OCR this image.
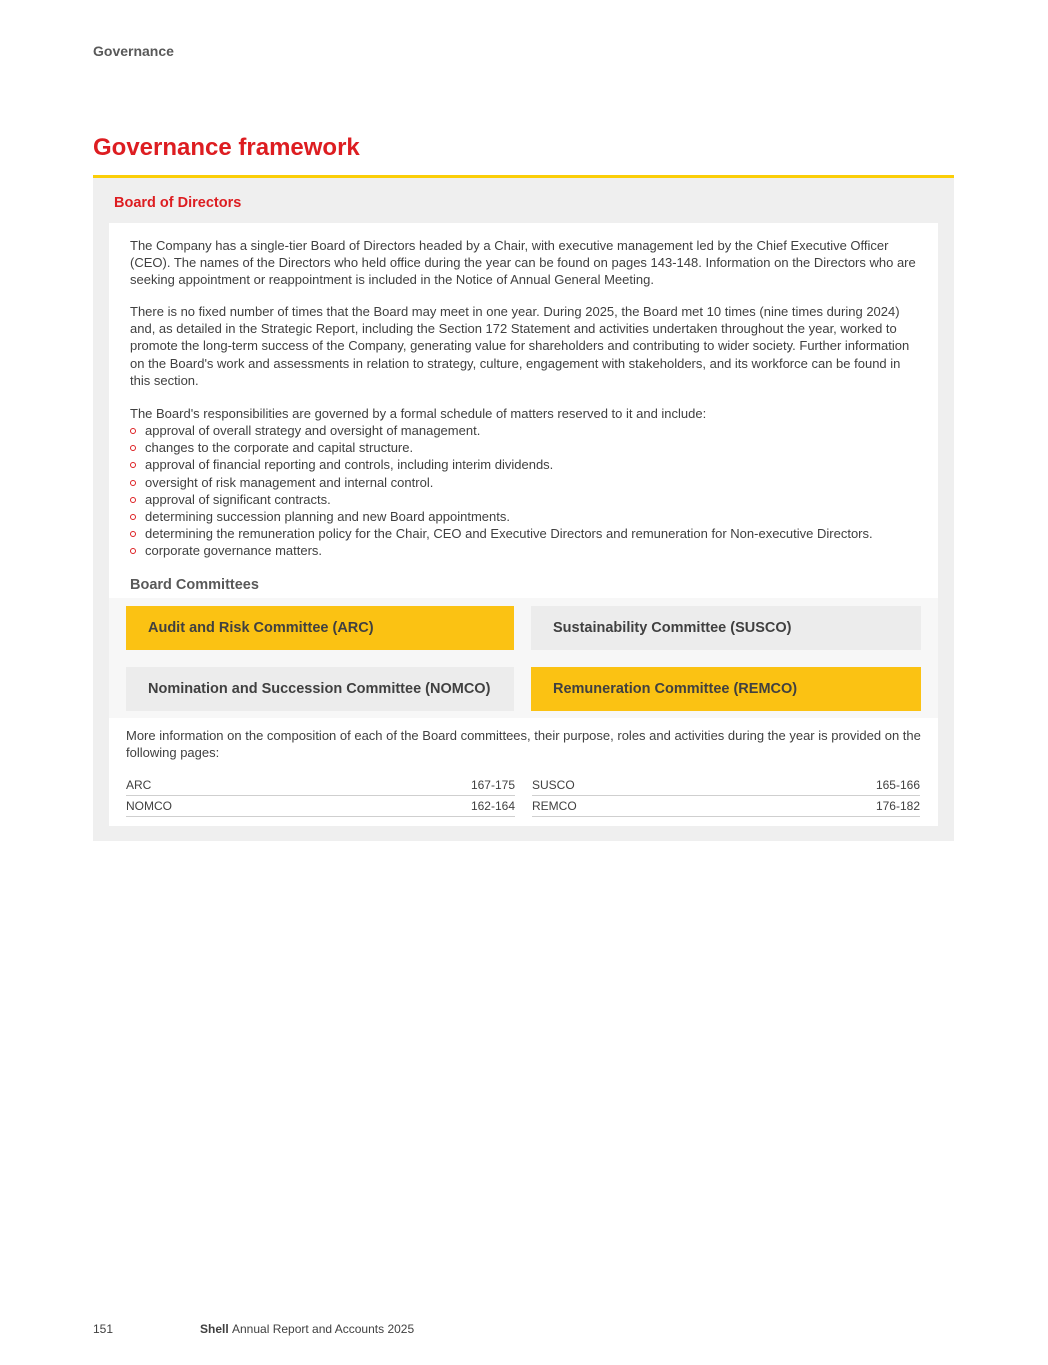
Governance
Governance framework
Board of Directors

The Company has a single-tier Board of Directors headed by a Chair, with executive management led by the Chief Executive Officer (CEO). The names of the Directors who held office during the year can be found on pages 143-148. Information on the Directors who are seeking appointment or reappointment is included in the Notice of Annual General Meeting.

There is no fixed number of times that the Board may meet in one year. During 2025, the Board met 10 times (nine times during 2024) and, as detailed in the Strategic Report, including the Section 172 Statement and activities undertaken throughout the year, worked to promote the long-term success of the Company, generating value for shareholders and contributing to wider society. Further information on the Board's work and assessments in relation to strategy, culture, engagement with stakeholders, and its workforce can be found in this section.

The Board's responsibilities are governed by a formal schedule of matters reserved to it and include:

approval of overall strategy and oversight of management.
changes to the corporate and capital structure.
approval of financial reporting and controls, including interim dividends.
oversight of risk management and internal control.
approval of significant contracts.
determining succession planning and new Board appointments.
determining the remuneration policy for the Chair, CEO and Executive Directors and remuneration for Non-executive Directors.
corporate governance matters.
Board Committees
Audit and Risk Committee (ARC)	Sustainability Committee (SUSCO)
Nomination and Succession Committee (NOMCO)	Remuneration Committee (REMCO)

More information on the composition of each of the Board committees, their purpose, roles and activities during the year is provided on the following pages:

ARC	167-175 SUSCO	165-166
NOMCO	162-164 REMCO	176-182
151	Shell Annual Report and Accounts 2025
